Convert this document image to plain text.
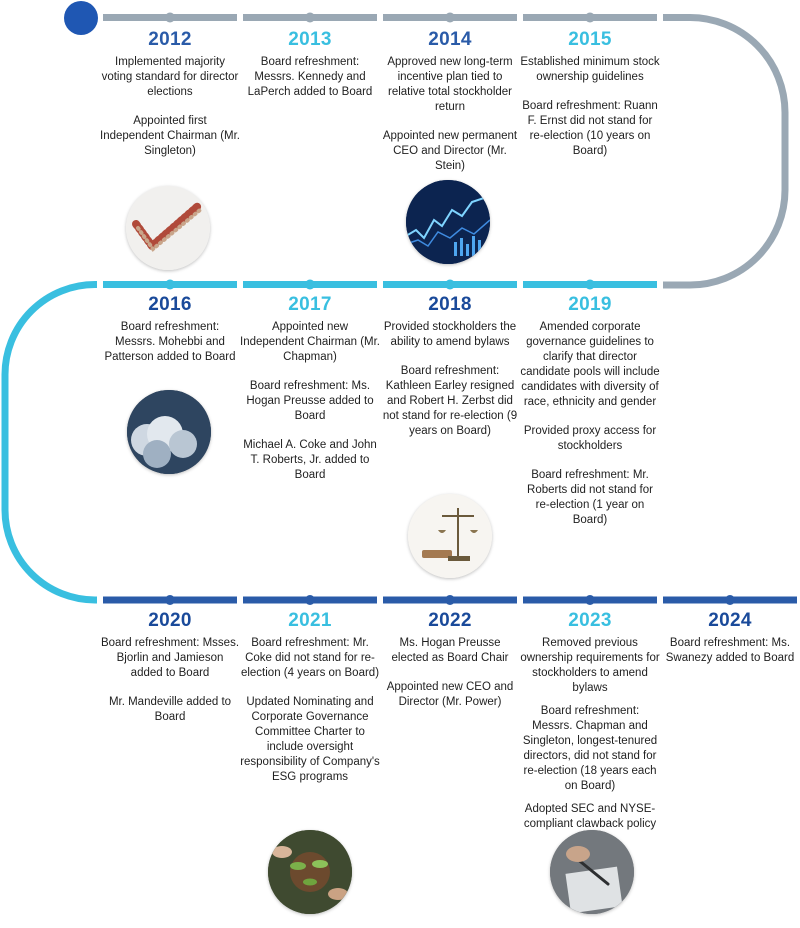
2012

Implemented majority voting standard for director elections

Appointed first Independent Chairman (Mr. Singleton)

2013

Board refreshment: Messrs. Kennedy and LaPerch added to Board

2014

Approved new long-term incentive plan tied to relative total stockholder return

Appointed new permanent CEO and Director (Mr. Stein)

2015

Established minimum stock ownership guidelines

Board refreshment: Ruann F. Ernst did not stand for re-election (10 years on Board)

2016

Board refreshment: Messrs. Mohebbi and Patterson added to Board

2017

Appointed new Independent Chairman (Mr. Chapman)

Board refreshment: Ms. Hogan Preusse added to Board

Michael A. Coke and John T. Roberts, Jr. added to Board

2018

Provided stockholders the ability to amend bylaws

Board refreshment: Kathleen Earley resigned and Robert H. Zerbst did not stand for re-election (9 years on Board)

2019

Amended corporate governance guidelines to clarify that director candidate pools will include candidates with diversity of race, ethnicity and gender

Provided proxy access for stockholders

Board refreshment: Mr. Roberts did not stand for re-election (1 year on Board)

2020

Board refreshment: Msses. Bjorlin and Jamieson added to Board

Mr. Mandeville added to Board

2021

Board refreshment: Mr. Coke did not stand for re-election (4 years on Board)

Updated Nominating and Corporate Governance Committee Charter to include oversight responsibility of Company's ESG programs

2022

Ms. Hogan Preusse elected as Board Chair

Appointed new CEO and Director (Mr. Power)

2023

Removed previous ownership requirements for stockholders to amend bylaws

Board refreshment: Messrs. Chapman and Singleton, longest-tenured directors, did not stand for re-election (18 years each on Board)

Adopted SEC and NYSE-compliant clawback policy

2024

Board refreshment: Ms. Swanezy added to Board
